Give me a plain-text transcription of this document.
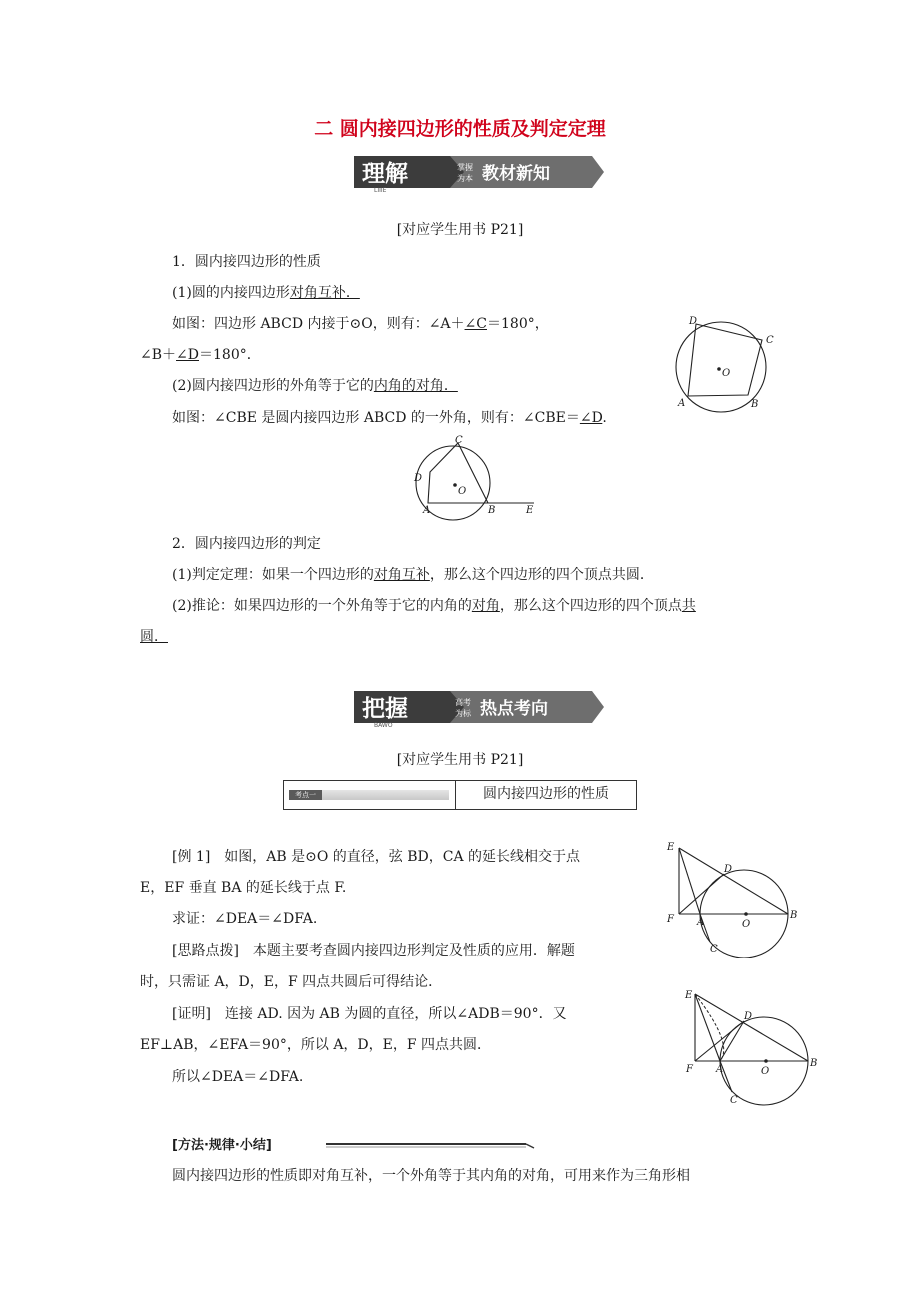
二 圆内接四边形的性质及判定定理
理解	掌握
为本 教材新知
LIJIE
[对应学生用书 P21]
1．圆内接四边形的性质
(1)圆的内接四边形对角互补．
如图：四边形 ABCD 内接于⊙O，则有：∠A＋∠C＝180°，
∠B＋∠D＝180°．
(2)圆内接四边形的外角等于它的内角的对角．
如图：∠CBE 是圆内接四边形 ABCD 的一外角，则有：∠CBE＝∠D.
D
C
O
A	B
C
D
O
A	B	E
2．圆内接四边形的判定
(1)判定定理：如果一个四边形的对角互补，那么这个四边形的四个顶点共圆．
(2)推论：如果四边形的一个外角等于它的内角的对角，那么这个四边形的四个顶点共
圆．
把握	高考
为标 热点考向
BAWO
[对应学生用书 P21]
考点一	圆内接四边形的性质
[例 1]　如图，AB 是⊙O 的直径，弦 BD，CA 的延长线相交于点
E，EF 垂直 BA 的延长线于点 F.
求证：∠DEA＝∠DFA.
[思路点拨]　本题主要考查圆内接四边形判定及性质的应用．解题
时，只需证 A，D，E，F 四点共圆后可得结论．
[证明]　连接 AD. 因为 AB 为圆的直径，所以∠ADB＝90°．又
EF⊥AB，∠EFA＝90°，所以 A，D，E，F 四点共圆．
所以∠DEA＝∠DFA.
E
D
F A	O
B
C
E
D
F A	O
B
C
[方法·规律·小结]
圆内接四边形的性质即对角互补，一个外角等于其内角的对角，可用来作为三角形相
